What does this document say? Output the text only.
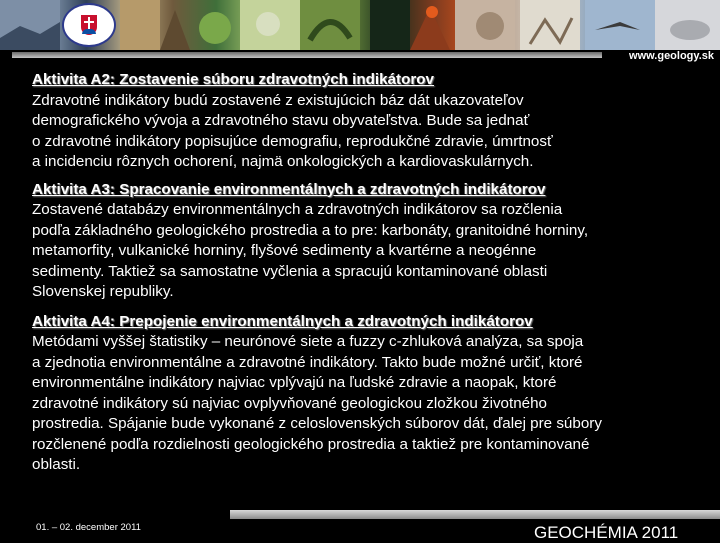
www.geology.sk
Aktivita A2: Zostavenie súboru zdravotných indikátorov
Zdravotné indikátory budú zostavené z existujúcich báz dát ukazovateľov
demografického vývoja a zdravotného stavu obyvateľstva. Bude sa jednať
o zdravotné indikátory popisujúce demografiu, reprodukčné zdravie, úmrtnosť
a incidenciu rôznych ochorení, najmä onkologických a kardiovaskulárnych.
Aktivita A3: Spracovanie environmentálnych a zdravotných indikátorov
Zostavené databázy environmentálnych a zdravotných indikátorov sa rozčlenia
podľa základného geologického prostredia a to pre: karbonáty, granitoidné horniny,
metamorfity, vulkanické horniny, flyšové sedimenty a kvartérne a neogénne
sedimenty. Taktiež sa samostatne vyčlenia a spracujú kontaminované oblasti
Slovenskej republiky.
Aktivita A4: Prepojenie environmentálnych a zdravotných indikátorov
Metódami vyššej štatistiky – neurónové siete a fuzzy c-zhluková analýza, sa spoja
a zjednotia environmentálne a zdravotné indikátory. Takto bude možné určiť, ktoré
environmentálne indikátory najviac vplývajú na ľudské zdravie a naopak, ktoré
zdravotné indikátory sú najviac ovplyvňované geologickou zložkou životného
prostredia. Spájanie bude vykonané z celoslovenských súborov dát, ďalej pre súbory
rozčlenené podľa rozdielnosti geologického prostredia a taktiež pre kontaminované
oblasti.
01. – 02. december 2011	GEOCHÉMIA 2011
